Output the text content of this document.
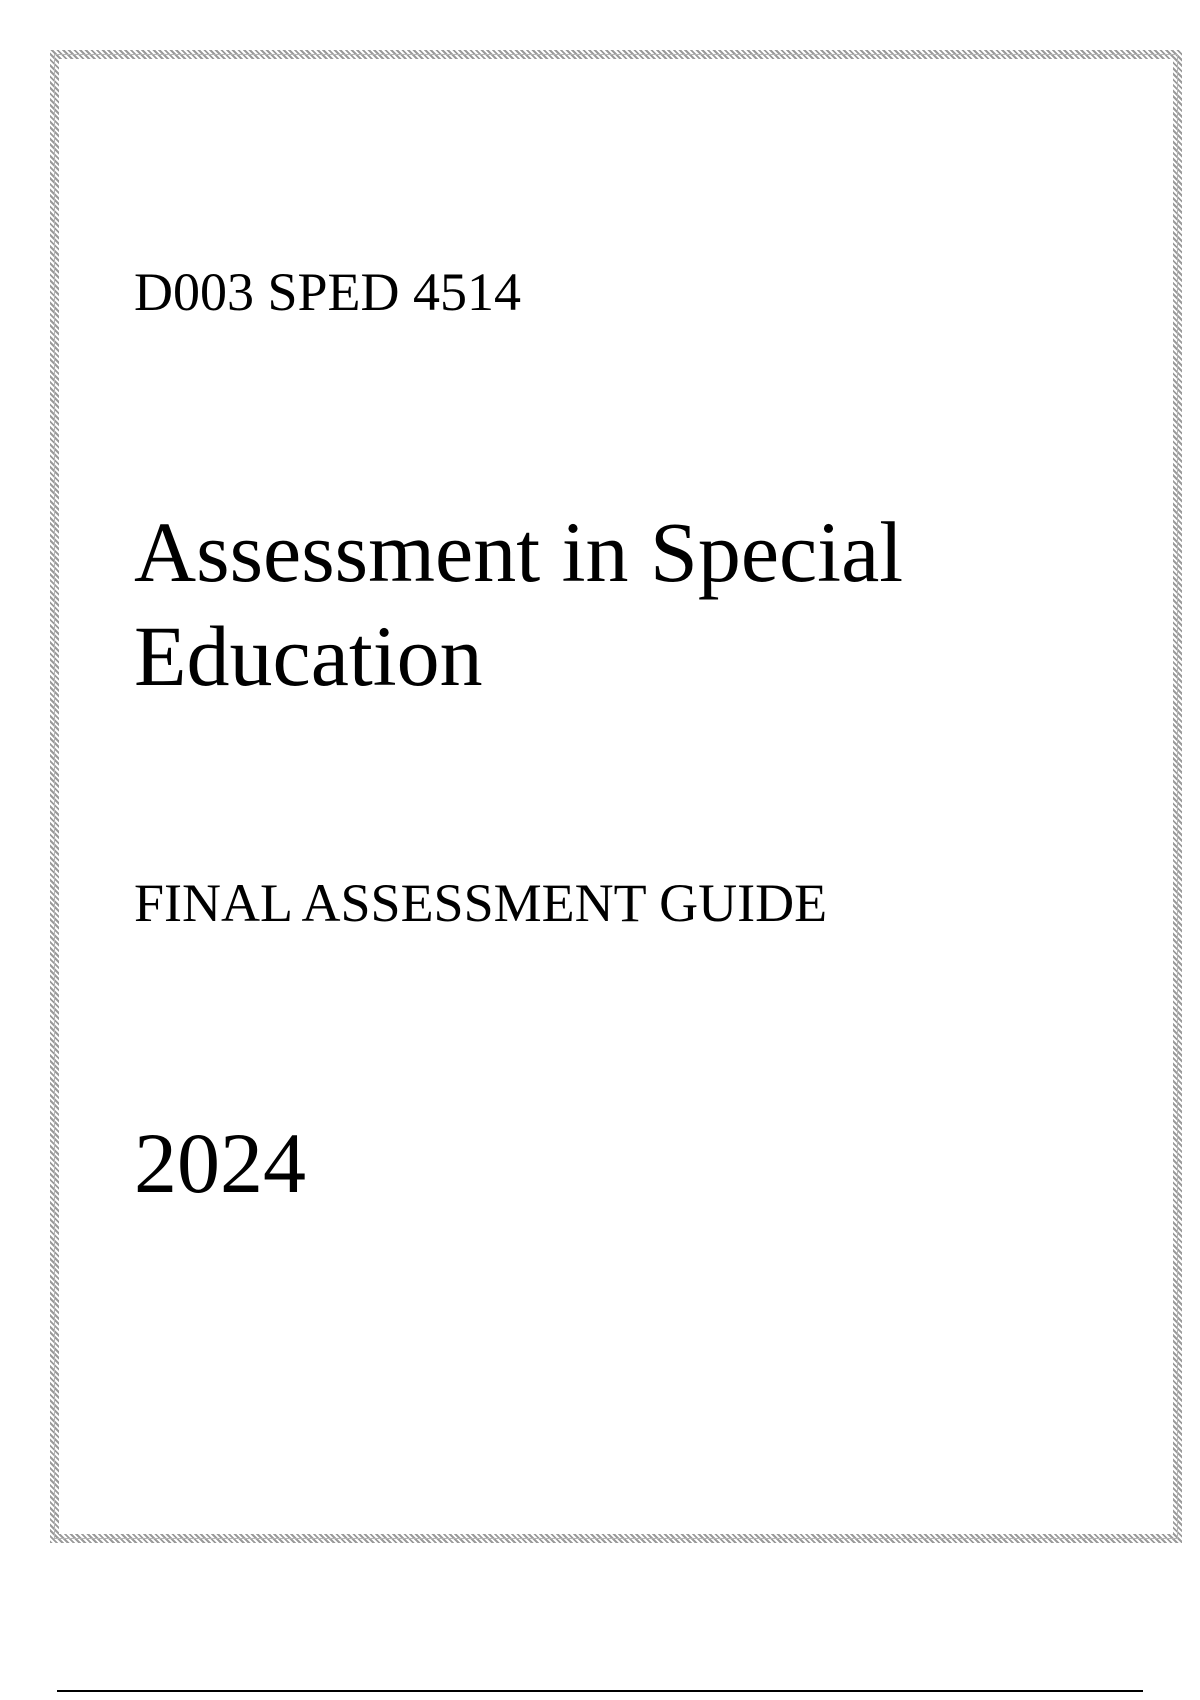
D003 SPED 4514

Assessment in Special
Education

FINAL ASSESSMENT GUIDE

2024
